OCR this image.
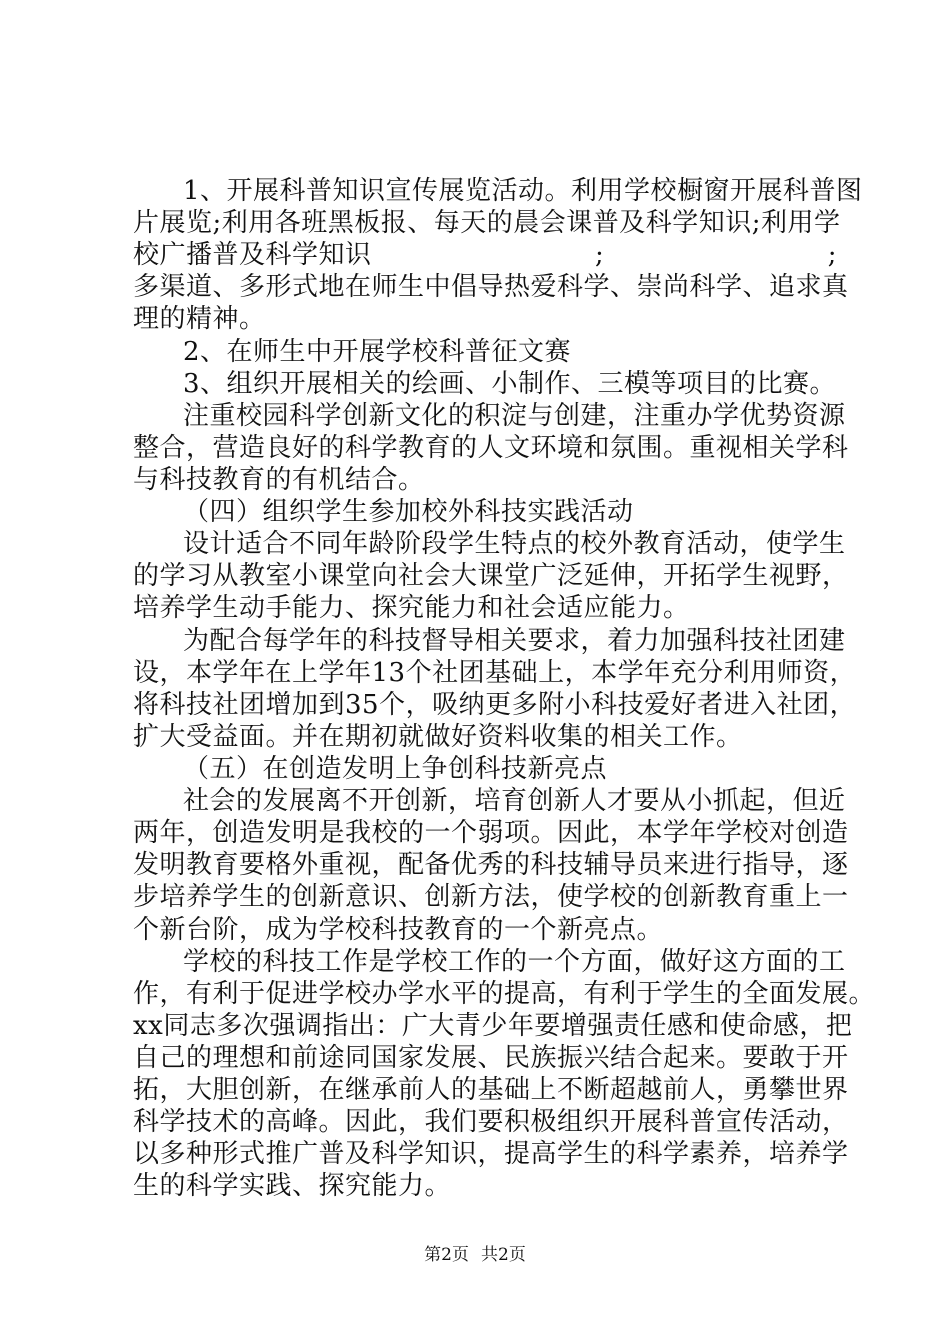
1、开展科普知识宣传展览活动。利用学校橱窗开展科普图
片展览;利用各班黑板报、每天的晨会课普及科学知识;利用学
校广播普及科学知识	;	;
多渠道、多形式地在师生中倡导热爱科学、崇尚科学、追求真
理的精神。
2、在师生中开展学校科普征文赛
3、组织开展相关的绘画、小制作、三模等项目的比赛。
注重校园科学创新文化的积淀与创建，注重办学优势资源
整合，营造良好的科学教育的人文环境和氛围。重视相关学科
与科技教育的有机结合。
（四）组织学生参加校外科技实践活动
设计适合不同年龄阶段学生特点的校外教育活动，使学生
的学习从教室小课堂向社会大课堂广泛延伸，开拓学生视野，
培养学生动手能力、探究能力和社会适应能力。
为配合每学年的科技督导相关要求，着力加强科技社团建
设，本学年在上学年13个社团基础上，本学年充分利用师资，
将科技社团增加到35个，吸纳更多附小科技爱好者进入社团，
扩大受益面。并在期初就做好资料收集的相关工作。
（五）在创造发明上争创科技新亮点
社会的发展离不开创新，培育创新人才要从小抓起，但近
两年，创造发明是我校的一个弱项。因此，本学年学校对创造
发明教育要格外重视，配备优秀的科技辅导员来进行指导，逐
步培养学生的创新意识、创新方法，使学校的创新教育重上一
个新台阶，成为学校科技教育的一个新亮点。
学校的科技工作是学校工作的一个方面，做好这方面的工
作，有利于促进学校办学水平的提高，有利于学生的全面发展。
xx同志多次强调指出：广大青少年要增强责任感和使命感，把
自己的理想和前途同国家发展、民族振兴结合起来。要敢于开
拓，大胆创新，在继承前人的基础上不断超越前人，勇攀世界
科学技术的高峰。因此，我们要积极组织开展科普宣传活动，
以多种形式推广普及科学知识，提高学生的科学素养，培养学
生的科学实践、探究能力。
第2页 共2页
